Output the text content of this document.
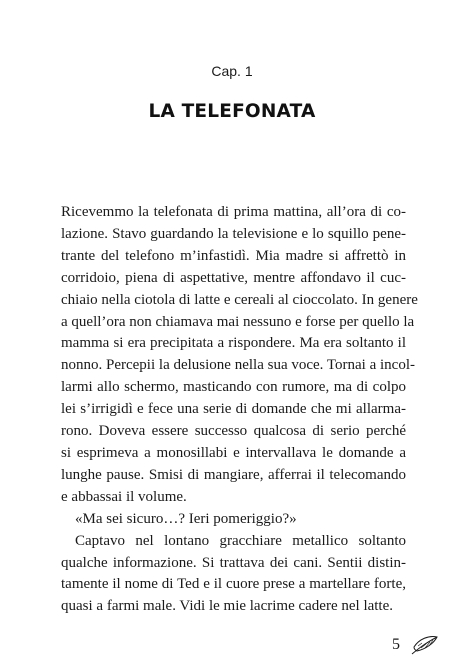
Cap. 1
LA TELEFONATA
Ricevemmo la telefonata di prima mattina, all’ora di co-
lazione. Stavo guardando la televisione e lo squillo pene-
trante del telefono m’infastidì. Mia madre si affrettò in
corridoio, piena di aspettative, mentre affondavo il cuc-
chiaio nella ciotola di latte e cereali al cioccolato. In genere
a quell’ora non chiamava mai nessuno e forse per quello la
mamma si era precipitata a rispondere. Ma era soltanto il
nonno. Percepii la delusione nella sua voce. Tornai a incol-
larmi allo schermo, masticando con rumore, ma di colpo
lei s’irrigidì e fece una serie di domande che mi allarma-
rono. Doveva essere successo qualcosa di serio perché
si esprimeva a monosillabi e intervallava le domande a
lunghe pause. Smisi di mangiare, afferrai il telecomando
e abbassai il volume.
«Ma sei sicuro…? Ieri pomeriggio?»
Captavo nel lontano gracchiare metallico soltanto
qualche informazione. Si trattava dei cani. Sentii distin-
tamente il nome di Ted e il cuore prese a martellare forte,
quasi a farmi male. Vidi le mie lacrime cadere nel latte.
5
